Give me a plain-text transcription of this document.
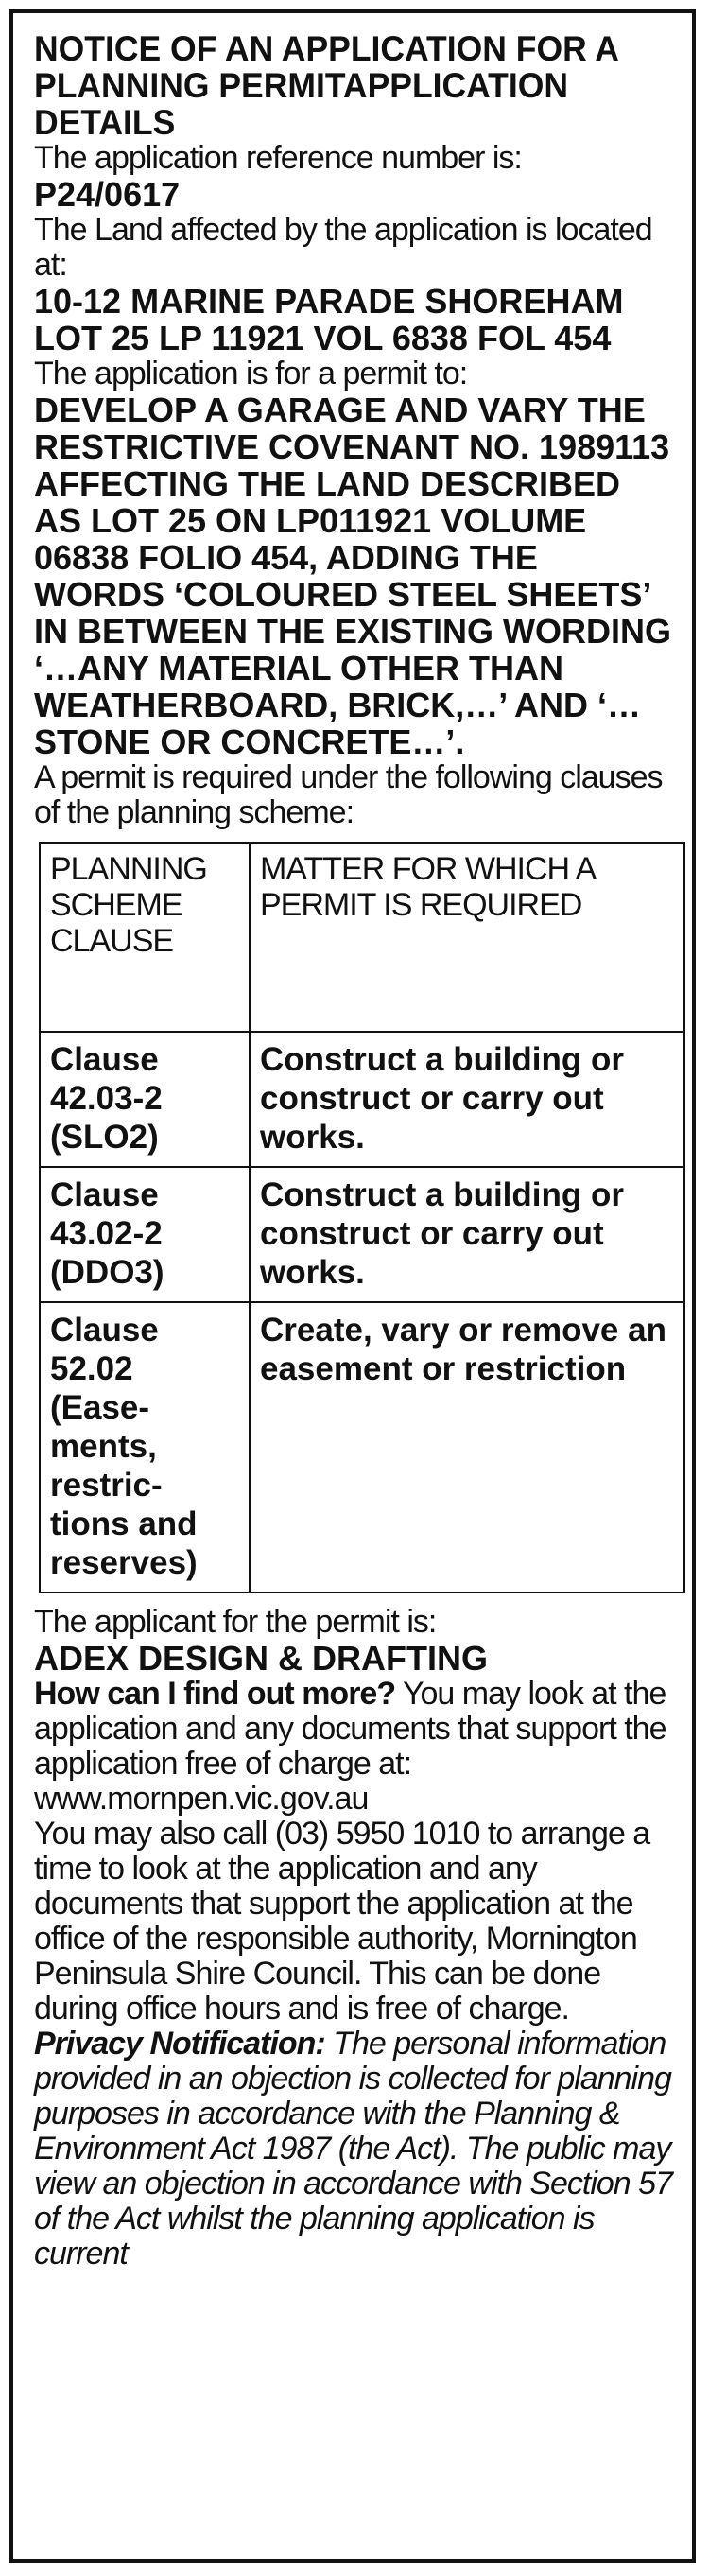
NOTICE OF AN APPLICATION FOR A PLANNING PERMITAPPLICATION DETAILS

The application reference number is:

P24/0617

The Land affected by the application is located at:

10-12 MARINE PARADE SHOREHAM LOT 25 LP 11921 VOL 6838 FOL 454

The application is for a permit to:

DEVELOP A GARAGE AND VARY THE RESTRICTIVE COVENANT NO. 1989113 AFFECTING THE LAND DESCRIBED AS LOT 25 ON LP011921 VOLUME 06838 FOLIO 454, ADDING THE WORDS ‘COLOURED STEEL SHEETS’ IN BETWEEN THE EXISTING WORDING ‘…ANY MATERIAL OTHER THAN WEATHERBOARD, BRICK,…’ AND ‘…STONE OR CONCRETE…’.

A permit is required under the following clauses of the planning scheme:

PLANNING SCHEME CLAUSE	MATTER FOR WHICH A PERMIT IS REQUIRED
Clause 42.03-2 (SLO2)	Construct a building or construct or carry out works.
Clause 43.02-2 (DDO3)	Construct a building or construct or carry out works.
Clause 52.02 (Ease-ments, restric-tions and reserves)	Create, vary or remove an easement or restriction

The applicant for the permit is:

ADEX DESIGN & DRAFTING

How can I find out more? You may look at the application and any documents that support the application free of charge at: www.mornpen.vic.gov.au

You may also call (03) 5950 1010 to arrange a time to look at the application and any documents that support the application at the office of the responsible authority, Mornington Peninsula Shire Council. This can be done during office hours and is free of charge.

Privacy Notification: The personal information provided in an objection is collected for planning purposes in accordance with the Planning & Environment Act 1987 (the Act). The public may view an objection in accordance with Section 57 of the Act whilst the planning application is current
